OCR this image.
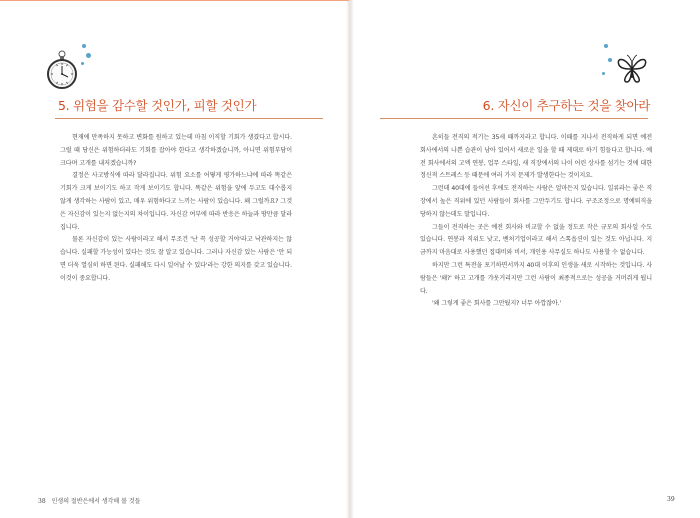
5. 위험을 감수할 것인가, 피할 것인가

현재에 만족하지 못하고 변화를 원하고 있는데 마침 이직할 기회가 생겼다고 합시다. 그럴 때 당신은 위험하더라도 기회를 잡아야 한다고 생각하겠습니까, 아니면 위험부담이 크다며 고개를 내저겠습니까?

결정은 사고방식에 따라 달라집니다. 위험 요소를 어떻게 평가하느냐에 따라 똑같은 기회가 크게 보이기도 하고 작게 보이기도 합니다. 똑같은 위험을 앞에 두고도 대수롭지 않게 생각하는 사람이 있고, 매우 위험하다고 느끼는 사람이 있습니다. 왜 그럴까요? 그것은 자신감이 있는지 없는지의 차이입니다. 자신감 여부에 따라 반응은 하늘과 땅만큼 달라집니다.

물론 자신감이 있는 사람이라고 해서 무조건 '난 꼭 성공할 거야'라고 낙관하지는 않습니다. 실패할 가능성이 있다는 것도 잘 알고 있습니다. 그러나 자신감 있는 사람은 '안 되면 더욱 열심히 하면 된다. 실패해도 다시 일어날 수 있다'라는 강한 의지를 갖고 있습니다. 이것이 중요합니다.

38 인생의 절반은에서 생각해 볼 것들
6. 자신이 추구하는 것을 찾아라

흔히들 전직의 적기는 35세 때까지라고 합니다. 이때를 지나서 전직하게 되면 예전 회사에서의 나쁜 습관이 남아 있어서 새로운 일을 할 때 제대로 하기 힘들다고 합니다. 예전 회사에서의 고액 연봉, 업무 스타일, 새 직장에서의 나이 어린 상사를 섬기는 것에 대한 정신적 스트레스 등 때문에 여러 가지 문제가 발생한다는 것이지요.

그런데 40대에 들어선 후에도 전직하는 사람은 얼마든지 있습니다. 일류라는 좋은 직장에서 높은 직위에 있던 사람들이 회사를 그만두기도 합니다. 구조조정으로 명예퇴직을 당하지 않는데도 말입니다.

그들이 전직하는 곳은 예전 회사와 비교할 수 없을 정도로 작은 규모의 회사일 수도 있습니다. 연봉과 직위도 낮고, 벤처기업이라고 해서 스톡옵션이 있는 것도 아닙니다. 지금까지 마음대로 사용했던 접대비와 비서, 개인용 사무실도 하나도 사용할 수 없습니다.

하지만 그런 특전을 포기하면서까지 40대 이후의 인생을 새로 시작하는 것입니다. 사람들은 '왜?' 하고 고개를 갸웃거리지만 그런 사람이 최종적으로는 성공을 거머쥐게 됩니다.

'왜 그렇게 좋은 회사를 그만뒀지? 너무 아깝잖아.'

39
